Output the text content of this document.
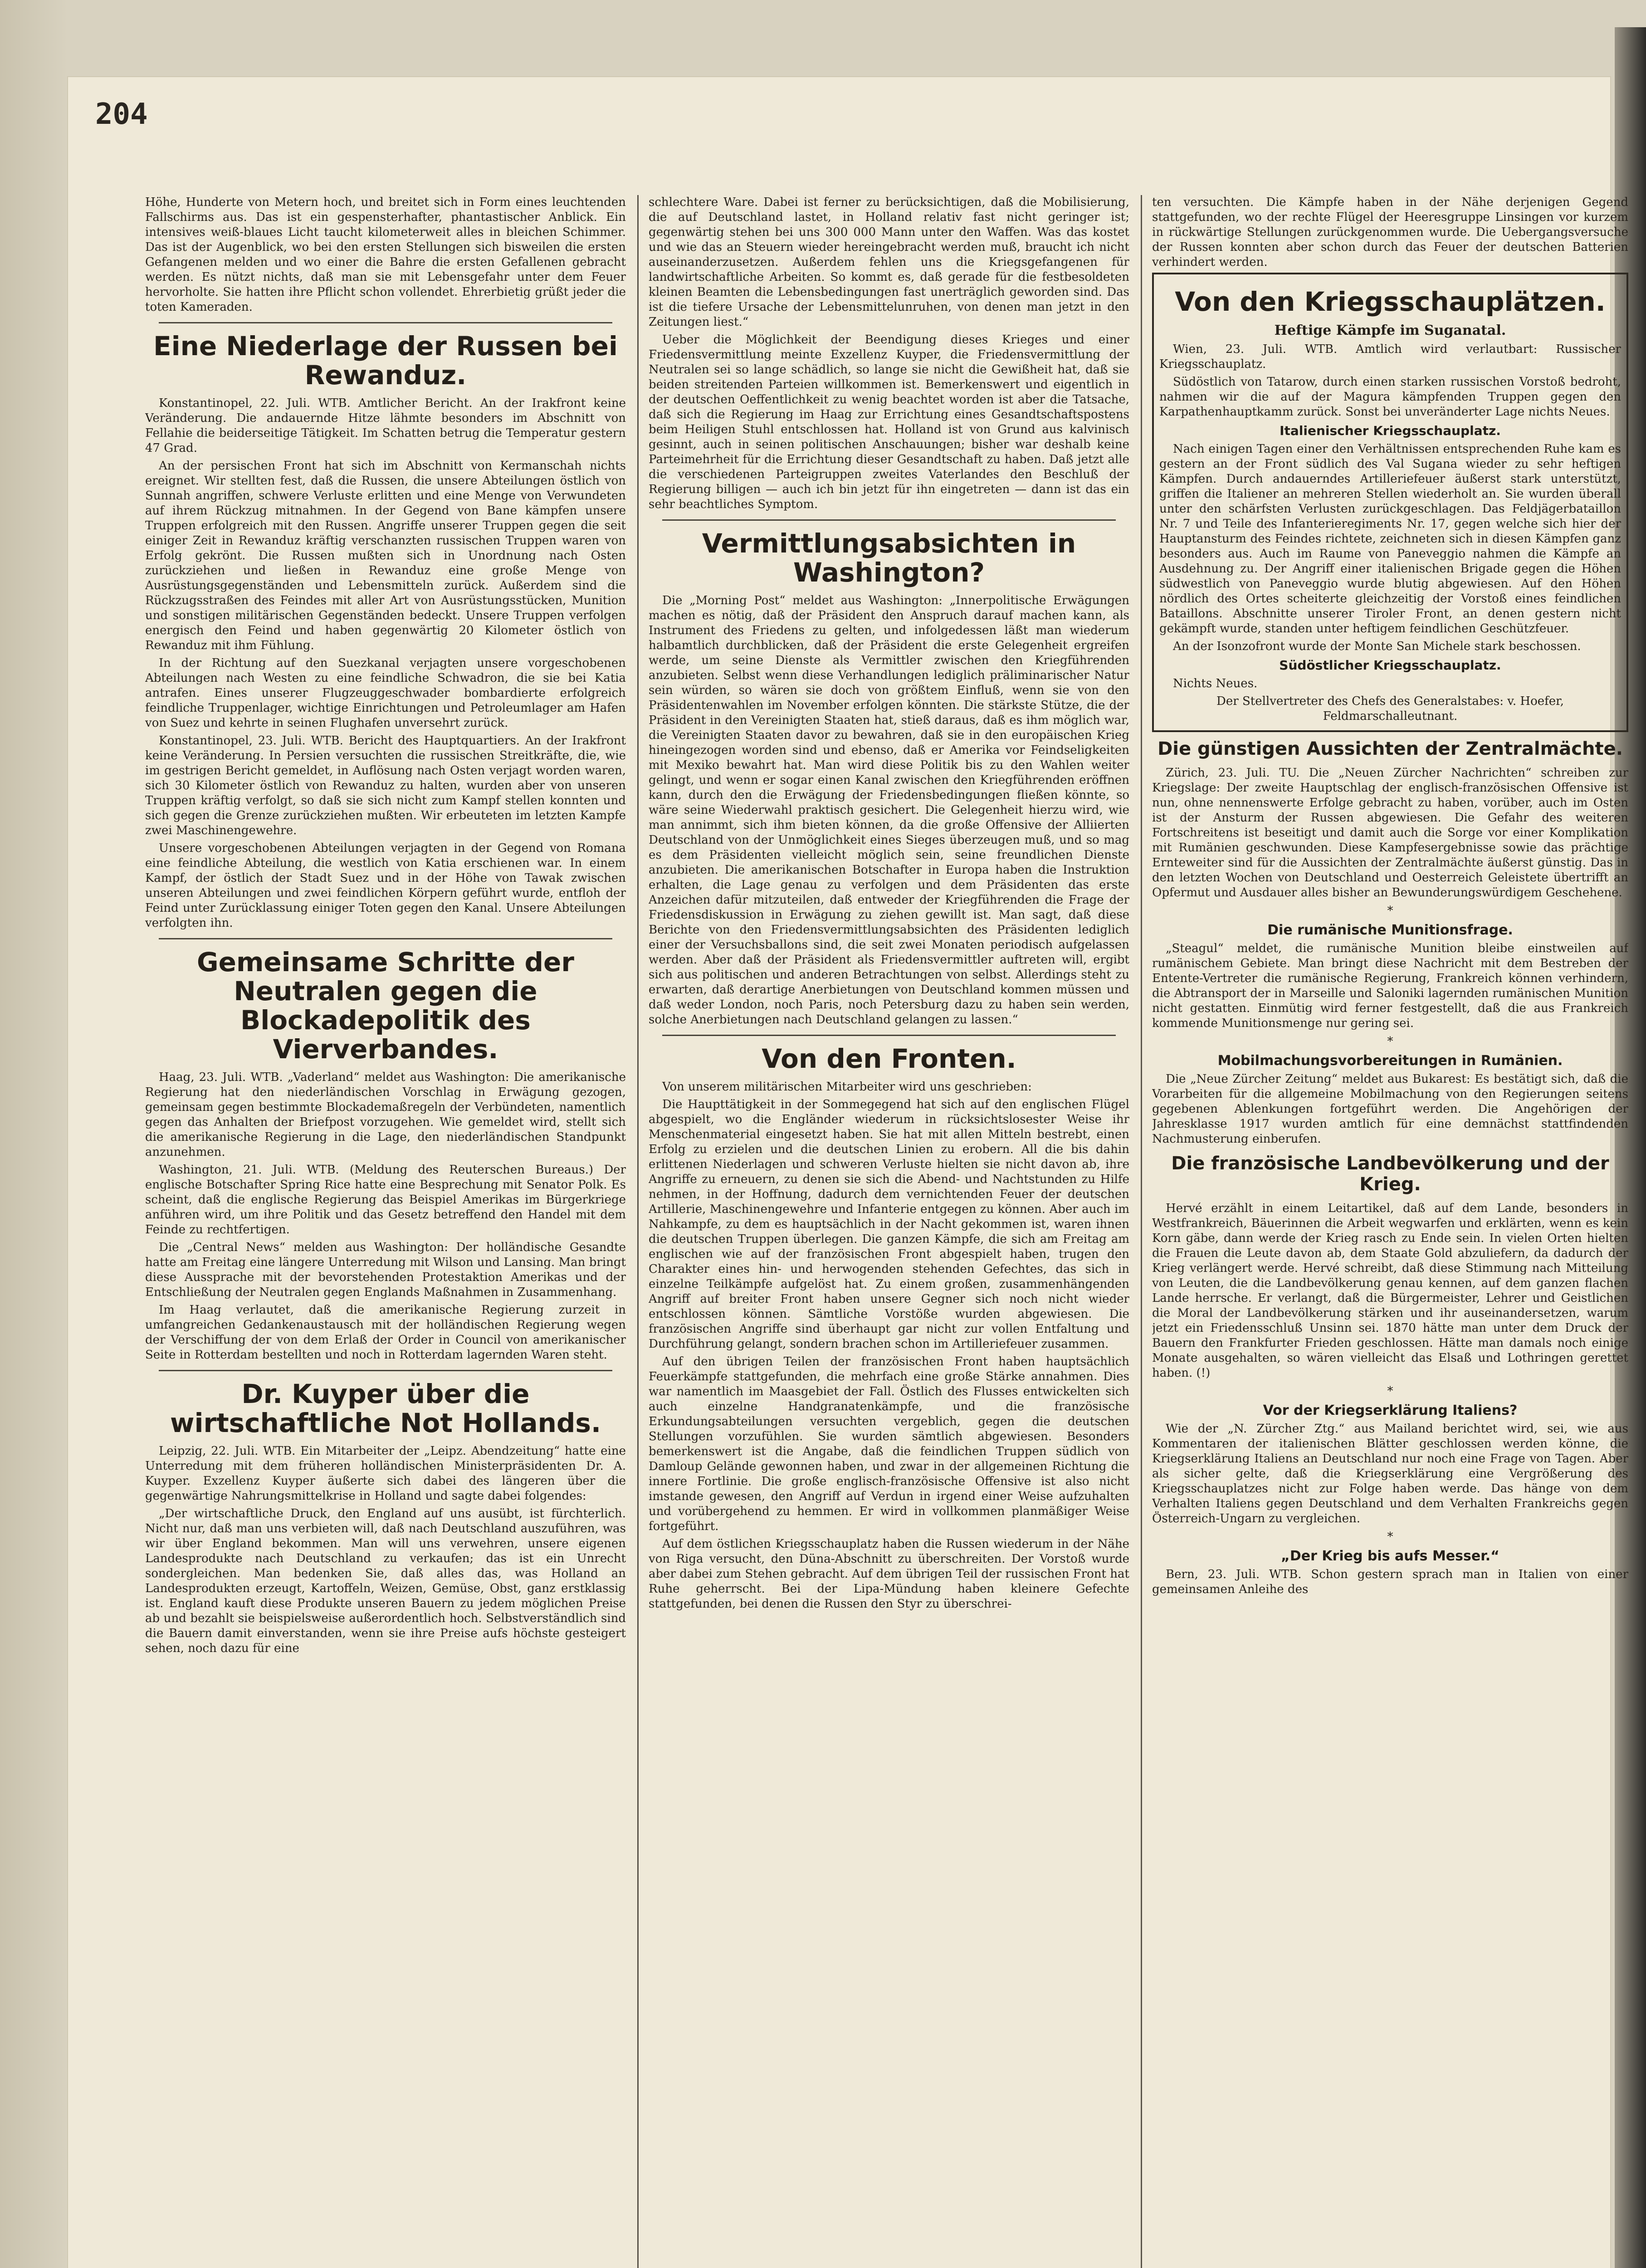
204

Höhe, Hunderte von Metern hoch, und breitet sich in Form eines leuchtenden Fallschirms aus. Das ist ein gespensterhafter, phantastischer Anblick. Ein intensives weiß-blaues Licht taucht kilometerweit alles in bleichen Schimmer. Das ist der Augenblick, wo bei den ersten Stellungen sich bisweilen die ersten Gefangenen melden und wo einer die Bahre die ersten Gefallenen gebracht werden. Es nützt nichts, daß man sie mit Lebensgefahr unter dem Feuer hervorholte. Sie hatten ihre Pflicht schon vollendet. Ehrerbietig grüßt jeder die toten Kameraden.

Eine Niederlage der Russen bei Rewanduz.

Konstantinopel, 22. Juli. WTB. Amtlicher Bericht. An der Irakfront keine Veränderung. Die andauernde Hitze lähmte besonders im Abschnitt von Fellahie die beiderseitige Tätigkeit. Im Schatten betrug die Temperatur gestern 47 Grad.

An der persischen Front hat sich im Abschnitt von Kermanschah nichts ereignet. Wir stellten fest, daß die Russen, die unsere Abteilungen östlich von Sunnah angriffen, schwere Verluste erlitten und eine Menge von Verwundeten auf ihrem Rückzug mitnahmen. In der Gegend von Bane kämpfen unsere Truppen erfolgreich mit den Russen. Angriffe unserer Truppen gegen die seit einiger Zeit in Rewanduz kräftig verschanzten russischen Truppen waren von Erfolg gekrönt. Die Russen mußten sich in Unordnung nach Osten zurückziehen und ließen in Rewanduz eine große Menge von Ausrüstungsgegenständen und Lebensmitteln zurück. Außerdem sind die Rückzugsstraßen des Feindes mit aller Art von Ausrüstungsstücken, Munition und sonstigen militärischen Gegenständen bedeckt. Unsere Truppen verfolgen energisch den Feind und haben gegenwärtig 20 Kilometer östlich von Rewanduz mit ihm Fühlung.

In der Richtung auf den Suezkanal verjagten unsere vorgeschobenen Abteilungen nach Westen zu eine feindliche Schwadron, die sie bei Katia antrafen. Eines unserer Flugzeuggeschwader bombardierte erfolgreich feindliche Truppenlager, wichtige Einrichtungen und Petroleumlager am Hafen von Suez und kehrte in seinen Flughafen unversehrt zurück.

Konstantinopel, 23. Juli. WTB. Bericht des Hauptquartiers. An der Irakfront keine Veränderung. In Persien versuchten die russischen Streitkräfte, die, wie im gestrigen Bericht gemeldet, in Auflösung nach Osten verjagt worden waren, sich 30 Kilometer östlich von Rewanduz zu halten, wurden aber von unseren Truppen kräftig verfolgt, so daß sie sich nicht zum Kampf stellen konnten und sich gegen die Grenze zurückziehen mußten. Wir erbeuteten im letzten Kampfe zwei Maschinengewehre.

Unsere vorgeschobenen Abteilungen verjagten in der Gegend von Romana eine feindliche Abteilung, die westlich von Katia erschienen war. In einem Kampf, der östlich der Stadt Suez und in der Höhe von Tawak zwischen unseren Abteilungen und zwei feindlichen Körpern geführt wurde, entfloh der Feind unter Zurücklassung einiger Toten gegen den Kanal. Unsere Abteilungen verfolgten ihn.

Gemeinsame Schritte der Neutralen gegen die Blockadepolitik des Vierverbandes.

Haag, 23. Juli. WTB. „Vaderland“ meldet aus Washington: Die amerikanische Regierung hat den niederländischen Vorschlag in Erwägung gezogen, gemeinsam gegen bestimmte Blockademaßregeln der Verbündeten, namentlich gegen das Anhalten der Briefpost vorzugehen. Wie gemeldet wird, stellt sich die amerikanische Regierung in die Lage, den niederländischen Standpunkt anzunehmen.

Washington, 21. Juli. WTB. (Meldung des Reuterschen Bureaus.) Der englische Botschafter Spring Rice hatte eine Besprechung mit Senator Polk. Es scheint, daß die englische Regierung das Beispiel Amerikas im Bürgerkriege anführen wird, um ihre Politik und das Gesetz betreffend den Handel mit dem Feinde zu rechtfertigen.

Die „Central News“ melden aus Washington: Der holländische Gesandte hatte am Freitag eine längere Unterredung mit Wilson und Lansing. Man bringt diese Aussprache mit der bevorstehenden Protestaktion Amerikas und der Entschließung der Neutralen gegen Englands Maßnahmen in Zusammenhang.

Im Haag verlautet, daß die amerikanische Regierung zurzeit in umfangreichen Gedankenaustausch mit der holländischen Regierung wegen der Verschiffung der von dem Erlaß der Order in Council von amerikanischer Seite in Rotterdam bestellten und noch in Rotterdam lagernden Waren steht.

Dr. Kuyper über die wirtschaftliche Not Hollands.

Leipzig, 22. Juli. WTB. Ein Mitarbeiter der „Leipz. Abendzeitung“ hatte eine Unterredung mit dem früheren holländischen Ministerpräsidenten Dr. A. Kuyper. Exzellenz Kuyper äußerte sich dabei des längeren über die gegenwärtige Nahrungsmittelkrise in Holland und sagte dabei folgendes:

„Der wirtschaftliche Druck, den England auf uns ausübt, ist fürchterlich. Nicht nur, daß man uns verbieten will, daß nach Deutschland auszuführen, was wir über England bekommen. Man will uns verwehren, unsere eigenen Landesprodukte nach Deutschland zu verkaufen; das ist ein Unrecht sondergleichen. Man bedenken Sie, daß alles das, was Holland an Landesprodukten erzeugt, Kartoffeln, Weizen, Gemüse, Obst, ganz erstklassig ist. England kauft diese Produkte unseren Bauern zu jedem möglichen Preise ab und bezahlt sie beispielsweise außerordentlich hoch. Selbstverständlich sind die Bauern damit einverstanden, wenn sie ihre Preise aufs höchste gesteigert sehen, noch dazu für eine

schlechtere Ware. Dabei ist ferner zu berücksichtigen, daß die Mobilisierung, die auf Deutschland lastet, in Holland relativ fast nicht geringer ist; gegenwärtig stehen bei uns 300 000 Mann unter den Waffen. Was das kostet und wie das an Steuern wieder hereingebracht werden muß, braucht ich nicht auseinanderzusetzen. Außerdem fehlen uns die Kriegsgefangenen für landwirtschaftliche Arbeiten. So kommt es, daß gerade für die festbesoldeten kleinen Beamten die Lebensbedingungen fast unerträglich geworden sind. Das ist die tiefere Ursache der Lebensmittelunruhen, von denen man jetzt in den Zeitungen liest.“

Ueber die Möglichkeit der Beendigung dieses Krieges und einer Friedensvermittlung meinte Exzellenz Kuyper, die Friedensvermittlung der Neutralen sei so lange schädlich, so lange sie nicht die Gewißheit hat, daß sie beiden streitenden Parteien willkommen ist. Bemerkenswert und eigentlich in der deutschen Oeffentlichkeit zu wenig beachtet worden ist aber die Tatsache, daß sich die Regierung im Haag zur Errichtung eines Gesandtschaftspostens beim Heiligen Stuhl entschlossen hat. Holland ist von Grund aus kalvinisch gesinnt, auch in seinen politischen Anschauungen; bisher war deshalb keine Parteimehrheit für die Errichtung dieser Gesandtschaft zu haben. Daß jetzt alle die verschiedenen Parteigruppen zweites Vaterlandes den Beschluß der Regierung billigen — auch ich bin jetzt für ihn eingetreten — dann ist das ein sehr beachtliches Symptom.

Vermittlungsabsichten in Washington?

Die „Morning Post“ meldet aus Washington: „Innerpolitische Erwägungen machen es nötig, daß der Präsident den Anspruch darauf machen kann, als Instrument des Friedens zu gelten, und infolgedessen läßt man wiederum halbamtlich durchblicken, daß der Präsident die erste Gelegenheit ergreifen werde, um seine Dienste als Vermittler zwischen den Kriegführenden anzubieten. Selbst wenn diese Verhandlungen lediglich präliminarischer Natur sein würden, so wären sie doch von größtem Einfluß, wenn sie von den Präsidentenwahlen im November erfolgen könnten. Die stärkste Stütze, die der Präsident in den Vereinigten Staaten hat, stieß daraus, daß es ihm möglich war, die Vereinigten Staaten davor zu bewahren, daß sie in den europäischen Krieg hineingezogen worden sind und ebenso, daß er Amerika vor Feindseligkeiten mit Mexiko bewahrt hat. Man wird diese Politik bis zu den Wahlen weiter gelingt, und wenn er sogar einen Kanal zwischen den Kriegführenden eröffnen kann, durch den die Erwägung der Friedensbedingungen fließen könnte, so wäre seine Wiederwahl praktisch gesichert. Die Gelegenheit hierzu wird, wie man annimmt, sich ihm bieten können, da die große Offensive der Alliierten Deutschland von der Unmöglichkeit eines Sieges überzeugen muß, und so mag es dem Präsidenten vielleicht möglich sein, seine freundlichen Dienste anzubieten. Die amerikanischen Botschafter in Europa haben die Instruktion erhalten, die Lage genau zu verfolgen und dem Präsidenten das erste Anzeichen dafür mitzuteilen, daß entweder der Kriegführenden die Frage der Friedensdiskussion in Erwägung zu ziehen gewillt ist. Man sagt, daß diese Berichte von den Friedensvermittlungsabsichten des Präsidenten lediglich einer der Versuchsballons sind, die seit zwei Monaten periodisch aufgelassen werden. Aber daß der Präsident als Friedensvermittler auftreten will, ergibt sich aus politischen und anderen Betrachtungen von selbst. Allerdings steht zu erwarten, daß derartige Anerbietungen von Deutschland kommen müssen und daß weder London, noch Paris, noch Petersburg dazu zu haben sein werden, solche Anerbietungen nach Deutschland gelangen zu lassen.“

Von den Fronten.

Von unserem militärischen Mitarbeiter wird uns geschrieben:

Die Haupttätigkeit in der Sommegegend hat sich auf den englischen Flügel abgespielt, wo die Engländer wiederum in rücksichtslosester Weise ihr Menschenmaterial eingesetzt haben. Sie hat mit allen Mitteln bestrebt, einen Erfolg zu erzielen und die deutschen Linien zu erobern. All die bis dahin erlittenen Niederlagen und schweren Verluste hielten sie nicht davon ab, ihre Angriffe zu erneuern, zu denen sie sich die Abend- und Nachtstunden zu Hilfe nehmen, in der Hoffnung, dadurch dem vernichtenden Feuer der deutschen Artillerie, Maschinengewehre und Infanterie entgegen zu können. Aber auch im Nahkampfe, zu dem es hauptsächlich in der Nacht gekommen ist, waren ihnen die deutschen Truppen überlegen. Die ganzen Kämpfe, die sich am Freitag am englischen wie auf der französischen Front abgespielt haben, trugen den Charakter eines hin- und herwogenden stehenden Gefechtes, das sich in einzelne Teilkämpfe aufgelöst hat. Zu einem großen, zusammenhängenden Angriff auf breiter Front haben unsere Gegner sich noch nicht wieder entschlossen können. Sämtliche Vorstöße wurden abgewiesen. Die französischen Angriffe sind überhaupt gar nicht zur vollen Entfaltung und Durchführung gelangt, sondern brachen schon im Artilleriefeuer zusammen.

Auf den übrigen Teilen der französischen Front haben hauptsächlich Feuerkämpfe stattgefunden, die mehrfach eine große Stärke annahmen. Dies war namentlich im Maasgebiet der Fall. Östlich des Flusses entwickelten sich auch einzelne Handgranatenkämpfe, und die französische Erkundungsabteilungen versuchten vergeblich, gegen die deutschen Stellungen vorzufühlen. Sie wurden sämtlich abgewiesen. Besonders bemerkenswert ist die Angabe, daß die feindlichen Truppen südlich von Damloup Gelände gewonnen haben, und zwar in der allgemeinen Richtung die innere Fortlinie. Die große englisch-französische Offensive ist also nicht imstande gewesen, den Angriff auf Verdun in irgend einer Weise aufzuhalten und vorübergehend zu hemmen. Er wird in vollkommen planmäßiger Weise fortgeführt.

Auf dem östlichen Kriegsschauplatz haben die Russen wiederum in der Nähe von Riga versucht, den Düna-Abschnitt zu überschreiten. Der Vorstoß wurde aber dabei zum Stehen gebracht. Auf dem übrigen Teil der russischen Front hat Ruhe geherrscht. Bei der Lipa-Mündung haben kleinere Gefechte stattgefunden, bei denen die Russen den Styr zu überschrei-

ten versuchten. Die Kämpfe haben in der Nähe derjenigen Gegend stattgefunden, wo der rechte Flügel der Heeresgruppe Linsingen vor kurzem in rückwärtige Stellungen zurückgenommen wurde. Die Uebergangsversuche der Russen konnten aber schon durch das Feuer der deutschen Batterien verhindert werden.

Von den Kriegsschauplätzen.
Heftige Kämpfe im Suganatal.

Wien, 23. Juli. WTB. Amtlich wird verlautbart: Russischer Kriegsschauplatz.

Südöstlich von Tatarow, durch einen starken russischen Vorstoß bedroht, nahmen wir die auf der Magura kämpfenden Truppen gegen den Karpathenhauptkamm zurück. Sonst bei unveränderter Lage nichts Neues.

Italienischer Kriegsschauplatz.

Nach einigen Tagen einer den Verhältnissen entsprechenden Ruhe kam es gestern an der Front südlich des Val Sugana wieder zu sehr heftigen Kämpfen. Durch andauerndes Artilleriefeuer äußerst stark unterstützt, griffen die Italiener an mehreren Stellen wiederholt an. Sie wurden überall unter den schärfsten Verlusten zurückgeschlagen. Das Feldjägerbataillon Nr. 7 und Teile des Infanterieregiments Nr. 17, gegen welche sich hier der Hauptansturm des Feindes richtete, zeichneten sich in diesen Kämpfen ganz besonders aus. Auch im Raume von Paneveggio nahmen die Kämpfe an Ausdehnung zu. Der Angriff einer italienischen Brigade gegen die Höhen südwestlich von Paneveggio wurde blutig abgewiesen. Auf den Höhen nördlich des Ortes scheiterte gleichzeitig der Vorstoß eines feindlichen Bataillons. Abschnitte unserer Tiroler Front, an denen gestern nicht gekämpft wurde, standen unter heftigem feindlichen Geschützfeuer.

An der Isonzofront wurde der Monte San Michele stark beschossen.

Südöstlicher Kriegsschauplatz.

Nichts Neues.

Der Stellvertreter des Chefs des Generalstabes: v. Hoefer, Feldmarschalleutnant.
Die günstigen Aussichten der Zentralmächte.

Zürich, 23. Juli. TU. Die „Neuen Zürcher Nachrichten“ schreiben zur Kriegslage: Der zweite Hauptschlag der englisch-französischen Offensive ist nun, ohne nennenswerte Erfolge gebracht zu haben, vorüber, auch im Osten ist der Ansturm der Russen abgewiesen. Die Gefahr des weiteren Fortschreitens ist beseitigt und damit auch die Sorge vor einer Komplikation mit Rumänien geschwunden. Diese Kampfesergebnisse sowie das prächtige Ernteweiter sind für die Aussichten der Zentralmächte äußerst günstig. Das in den letzten Wochen von Deutschland und Oesterreich Geleistete übertrifft an Opfermut und Ausdauer alles bisher an Bewunderungswürdigem Geschehene.

*
Die rumänische Munitionsfrage.

„Steagul“ meldet, die rumänische Munition bleibe einstweilen auf rumänischem Gebiete. Man bringt diese Nachricht mit dem Bestreben der Entente-Vertreter die rumänische Regierung, Frankreich können verhindern, die Abtransport der in Marseille und Saloniki lagernden rumänischen Munition nicht gestatten. Einmütig wird ferner festgestellt, daß die aus Frankreich kommende Munitionsmenge nur gering sei.

*
Mobilmachungsvorbereitungen in Rumänien.

Die „Neue Zürcher Zeitung“ meldet aus Bukarest: Es bestätigt sich, daß die Vorarbeiten für die allgemeine Mobilmachung von den Regierungen seitens gegebenen Ablenkungen fortgeführt werden. Die Angehörigen der Jahresklasse 1917 wurden amtlich für eine demnächst stattfindenden Nachmusterung einberufen.

Die französische Landbevölkerung und der Krieg.

Hervé erzählt in einem Leitartikel, daß auf dem Lande, besonders in Westfrankreich, Bäuerinnen die Arbeit wegwarfen und erklärten, wenn es kein Korn gäbe, dann werde der Krieg rasch zu Ende sein. In vielen Orten hielten die Frauen die Leute davon ab, dem Staate Gold abzuliefern, da dadurch der Krieg verlängert werde. Hervé schreibt, daß diese Stimmung nach Mitteilung von Leuten, die die Landbevölkerung genau kennen, auf dem ganzen flachen Lande herrsche. Er verlangt, daß die Bürgermeister, Lehrer und Geistlichen die Moral der Landbevölkerung stärken und ihr auseinandersetzen, warum jetzt ein Friedensschluß Unsinn sei. 1870 hätte man unter dem Druck der Bauern den Frankfurter Frieden geschlossen. Hätte man damals noch einige Monate ausgehalten, so wären vielleicht das Elsaß und Lothringen gerettet haben. (!)

*
Vor der Kriegserklärung Italiens?

Wie der „N. Zürcher Ztg.“ aus Mailand berichtet wird, sei, wie aus Kommentaren der italienischen Blätter geschlossen werden könne, die Kriegserklärung Italiens an Deutschland nur noch eine Frage von Tagen. Aber als sicher gelte, daß die Kriegserklärung eine Vergrößerung des Kriegsschauplatzes nicht zur Folge haben werde. Das hänge von dem Verhalten Italiens gegen Deutschland und dem Verhalten Frankreichs gegen Österreich-Ungarn zu vergleichen.

*
„Der Krieg bis aufs Messer.“

Bern, 23. Juli. WTB. Schon gestern sprach man in Italien von einer gemeinsamen Anleihe des
